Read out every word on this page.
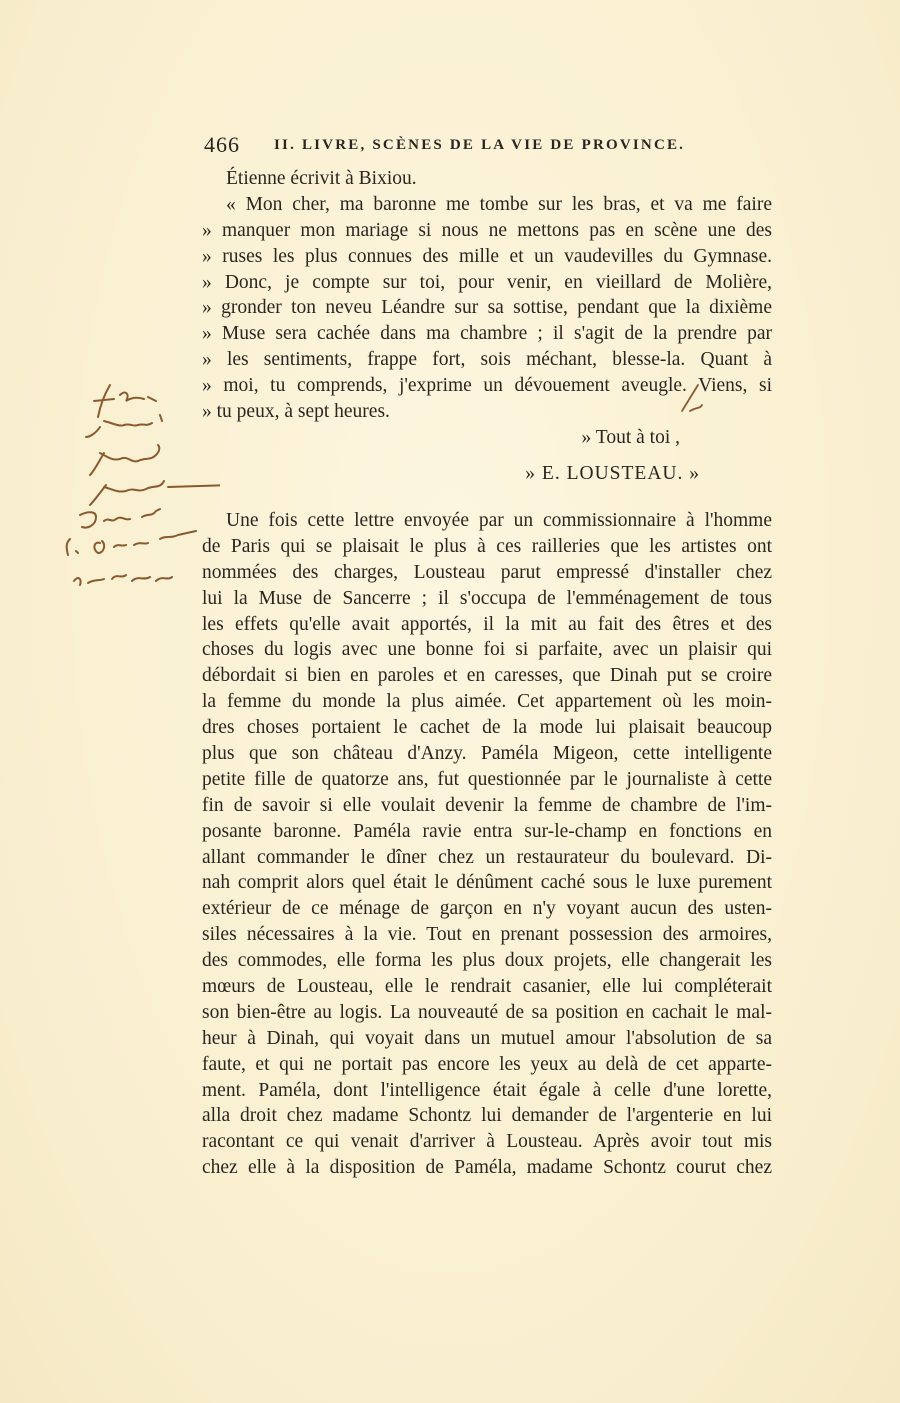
466 II. LIVRE, SCÈNES DE LA VIE DE PROVINCE.
Étienne écrivit à Bixiou.
« Mon cher, ma baronne me tombe sur les bras, et va me faire
» manquer mon mariage si nous ne mettons pas en scène une des
» ruses les plus connues des mille et un vaudevilles du Gymnase.
» Donc, je compte sur toi, pour venir, en vieillard de Molière,
» gronder ton neveu Léandre sur sa sottise, pendant que la dixième
» Muse sera cachée dans ma chambre ; il s'agit de la prendre par
» les sentiments, frappe fort, sois méchant, blesse-la. Quant à
» moi, tu comprends, j'exprime un dévouement aveugle. Viens, si
» tu peux, à sept heures.
» Tout à toi ,
» E. LOUSTEAU. »
Une fois cette lettre envoyée par un commissionnaire à l'homme
de Paris qui se plaisait le plus à ces railleries que les artistes ont
nommées des charges, Lousteau parut empressé d'installer chez
lui la Muse de Sancerre ; il s'occupa de l'emménagement de tous
les effets qu'elle avait apportés, il la mit au fait des êtres et des
choses du logis avec une bonne foi si parfaite, avec un plaisir qui
débordait si bien en paroles et en caresses, que Dinah put se croire
la femme du monde la plus aimée. Cet appartement où les moin-
dres choses portaient le cachet de la mode lui plaisait beaucoup
plus que son château d'Anzy. Paméla Migeon, cette intelligente
petite fille de quatorze ans, fut questionnée par le journaliste à cette
fin de savoir si elle voulait devenir la femme de chambre de l'im-
posante baronne. Paméla ravie entra sur-le-champ en fonctions en
allant commander le dîner chez un restaurateur du boulevard. Di-
nah comprit alors quel était le dénûment caché sous le luxe purement
extérieur de ce ménage de garçon en n'y voyant aucun des usten-
siles nécessaires à la vie. Tout en prenant possession des armoires,
des commodes, elle forma les plus doux projets, elle changerait les
mœurs de Lousteau, elle le rendrait casanier, elle lui compléterait
son bien-être au logis. La nouveauté de sa position en cachait le mal-
heur à Dinah, qui voyait dans un mutuel amour l'absolution de sa
faute, et qui ne portait pas encore les yeux au delà de cet apparte-
ment. Paméla, dont l'intelligence était égale à celle d'une lorette,
alla droit chez madame Schontz lui demander de l'argenterie en lui
racontant ce qui venait d'arriver à Lousteau. Après avoir tout mis
chez elle à la disposition de Paméla, madame Schontz courut chez
